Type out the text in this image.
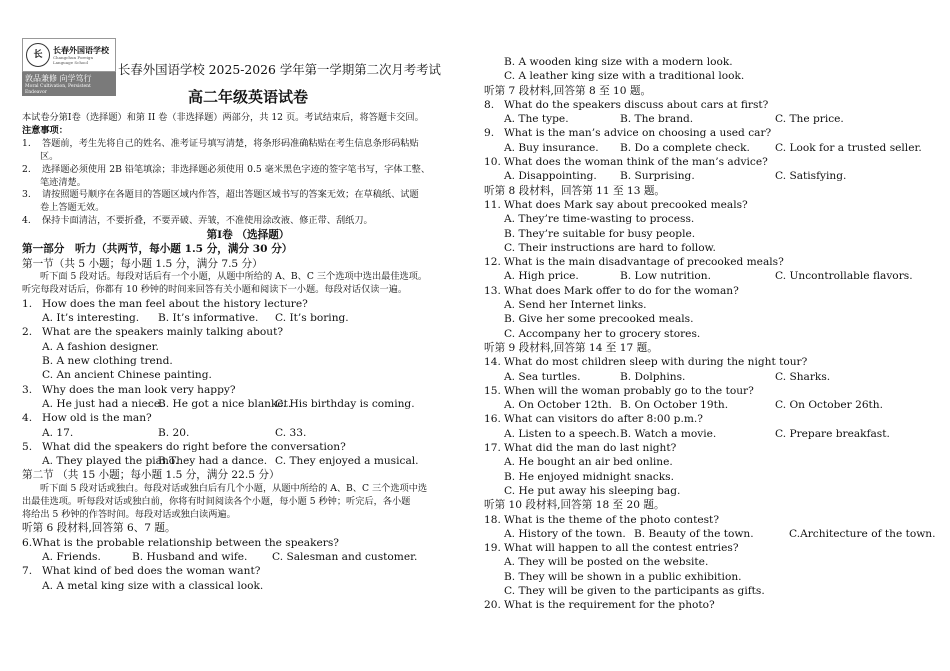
长	长春外国语学校
Changchun Foreign Language School
敦品兼修 向学笃行
Moral Cultivation, Persistent Endeavor
长春外国语学校 2025-2026 学年第一学期第二次月考考试
高二年级英语试卷
本试卷分第Ⅰ卷（选择题）和第 II 卷（非选择题）两部分，共 12 页。考试结束后，将答题卡交回。
注意事项：
1. 答题前，考生先将自己的姓名、准考证号填写清楚，将条形码准确粘贴在考生信息条形码粘贴
区。
2. 选择题必须使用 2B 铅笔填涂；非选择题必须使用 0.5 毫米黑色字迹的签字笔书写，字体工整、
笔迹清楚。
3. 请按照题号顺序在各题目的答题区域内作答，超出答题区域书写的答案无效；在草稿纸、试题
卷上答题无效。
4. 保持卡面清洁，不要折叠，不要弄破、弄皱，不准使用涂改液、修正带、刮纸刀。
第Ⅰ卷 （选择题）
第一部分　听力（共两节，每小题 1.5 分，满分 30 分）
第一节（共 5 小题；每小题 1.5 分，满分 7.5 分）
听下面 5 段对话。每段对话后有一个小题，从题中所给的 A、B、C 三个选项中选出最佳选项。
听完每段对话后，你都有 10 秒钟的时间来回答有关小题和阅读下一小题。每段对话仅读一遍。
1. How does the man feel about the history lecture?
A. It’s interesting. B. It’s informative. C. It’s boring.
2. What are the speakers mainly talking about?
A. A fashion designer.
B. A new clothing trend.
C. An ancient Chinese painting.
3. Why does the man look very happy?
A. He just had a niece.B. He got a nice blanket.C. His birthday is coming.
4. How old is the man?
A. 17.	B. 20.	C. 33.
5. What did the speakers do right before the conversation?
A. They played the piano.B.They had a dance. C. They enjoyed a musical.
第二节 （共 15 小题；每小题 1.5 分，满分 22.5 分）
听下面 5 段对话或独白。每段对话或独白后有几个小题，从题中所给的 A、B、C 三个选项中选
出最佳选项。听每段对话或独白前，你将有时间阅读各个小题，每小题 5 秒钟；听完后，各小题
将给出 5 秒钟的作答时间。每段对话或独白读两遍。
听第 6 段材料,回答第 6、7 题。
6.What is the probable relationship between the speakers?
A. Friends.	B. Husband and wife. C. Salesman and customer.
7. What kind of bed does the woman want?
A. A metal king size with a classical look.
B. A wooden king size with a modern look.
C. A leather king size with a traditional look.
听第 7 段材料,回答第 8 至 10 题。
8. What do the speakers discuss about cars at first?
A. The type.	B. The brand.	C. The price.
9. What is the man’s advice on choosing a used car?
A. Buy insurance. B. Do a complete check. C. Look for a trusted seller.
10. What does the woman think of the man’s advice?
A. Disappointing. B. Surprising.	C. Satisfying.
听第 8 段材料，回答第 11 至 13 题。
11. What does Mark say about precooked meals?
A. They’re time-wasting to process.
B. They’re suitable for busy people.
C. Their instructions are hard to follow.
12. What is the main disadvantage of precooked meals?
A. High price.	B. Low nutrition.	C. Uncontrollable flavors.
13. What does Mark offer to do for the woman?
A. Send her Internet links.
B. Give her some precooked meals.
C. Accompany her to grocery stores.
听第 9 段材料,回答第 14 至 17 题。
14. What do most children sleep with during the night tour?
A. Sea turtles.	B. Dolphins.	C. Sharks.
15. When will the woman probably go to the tour?
A. On October 12th. B. On October 19th.	C. On October 26th.
16. What can visitors do after 8:00 p.m.?
A. Listen to a speech.B. Watch a movie.	C. Prepare breakfast.
17. What did the man do last night?
A. He bought an air bed online.
B. He enjoyed midnight snacks.
C. He put away his sleeping bag.
听第 10 段材料,回答第 18 至 20 题。
18. What is the theme of the photo contest?
A. History of the town. B. Beauty of the town.	C.Architecture of the town.
19. What will happen to all the contest entries?
A. They will be posted on the website.
B. They will be shown in a public exhibition.
C. They will be given to the participants as gifts.
20. What is the requirement for the photo?
